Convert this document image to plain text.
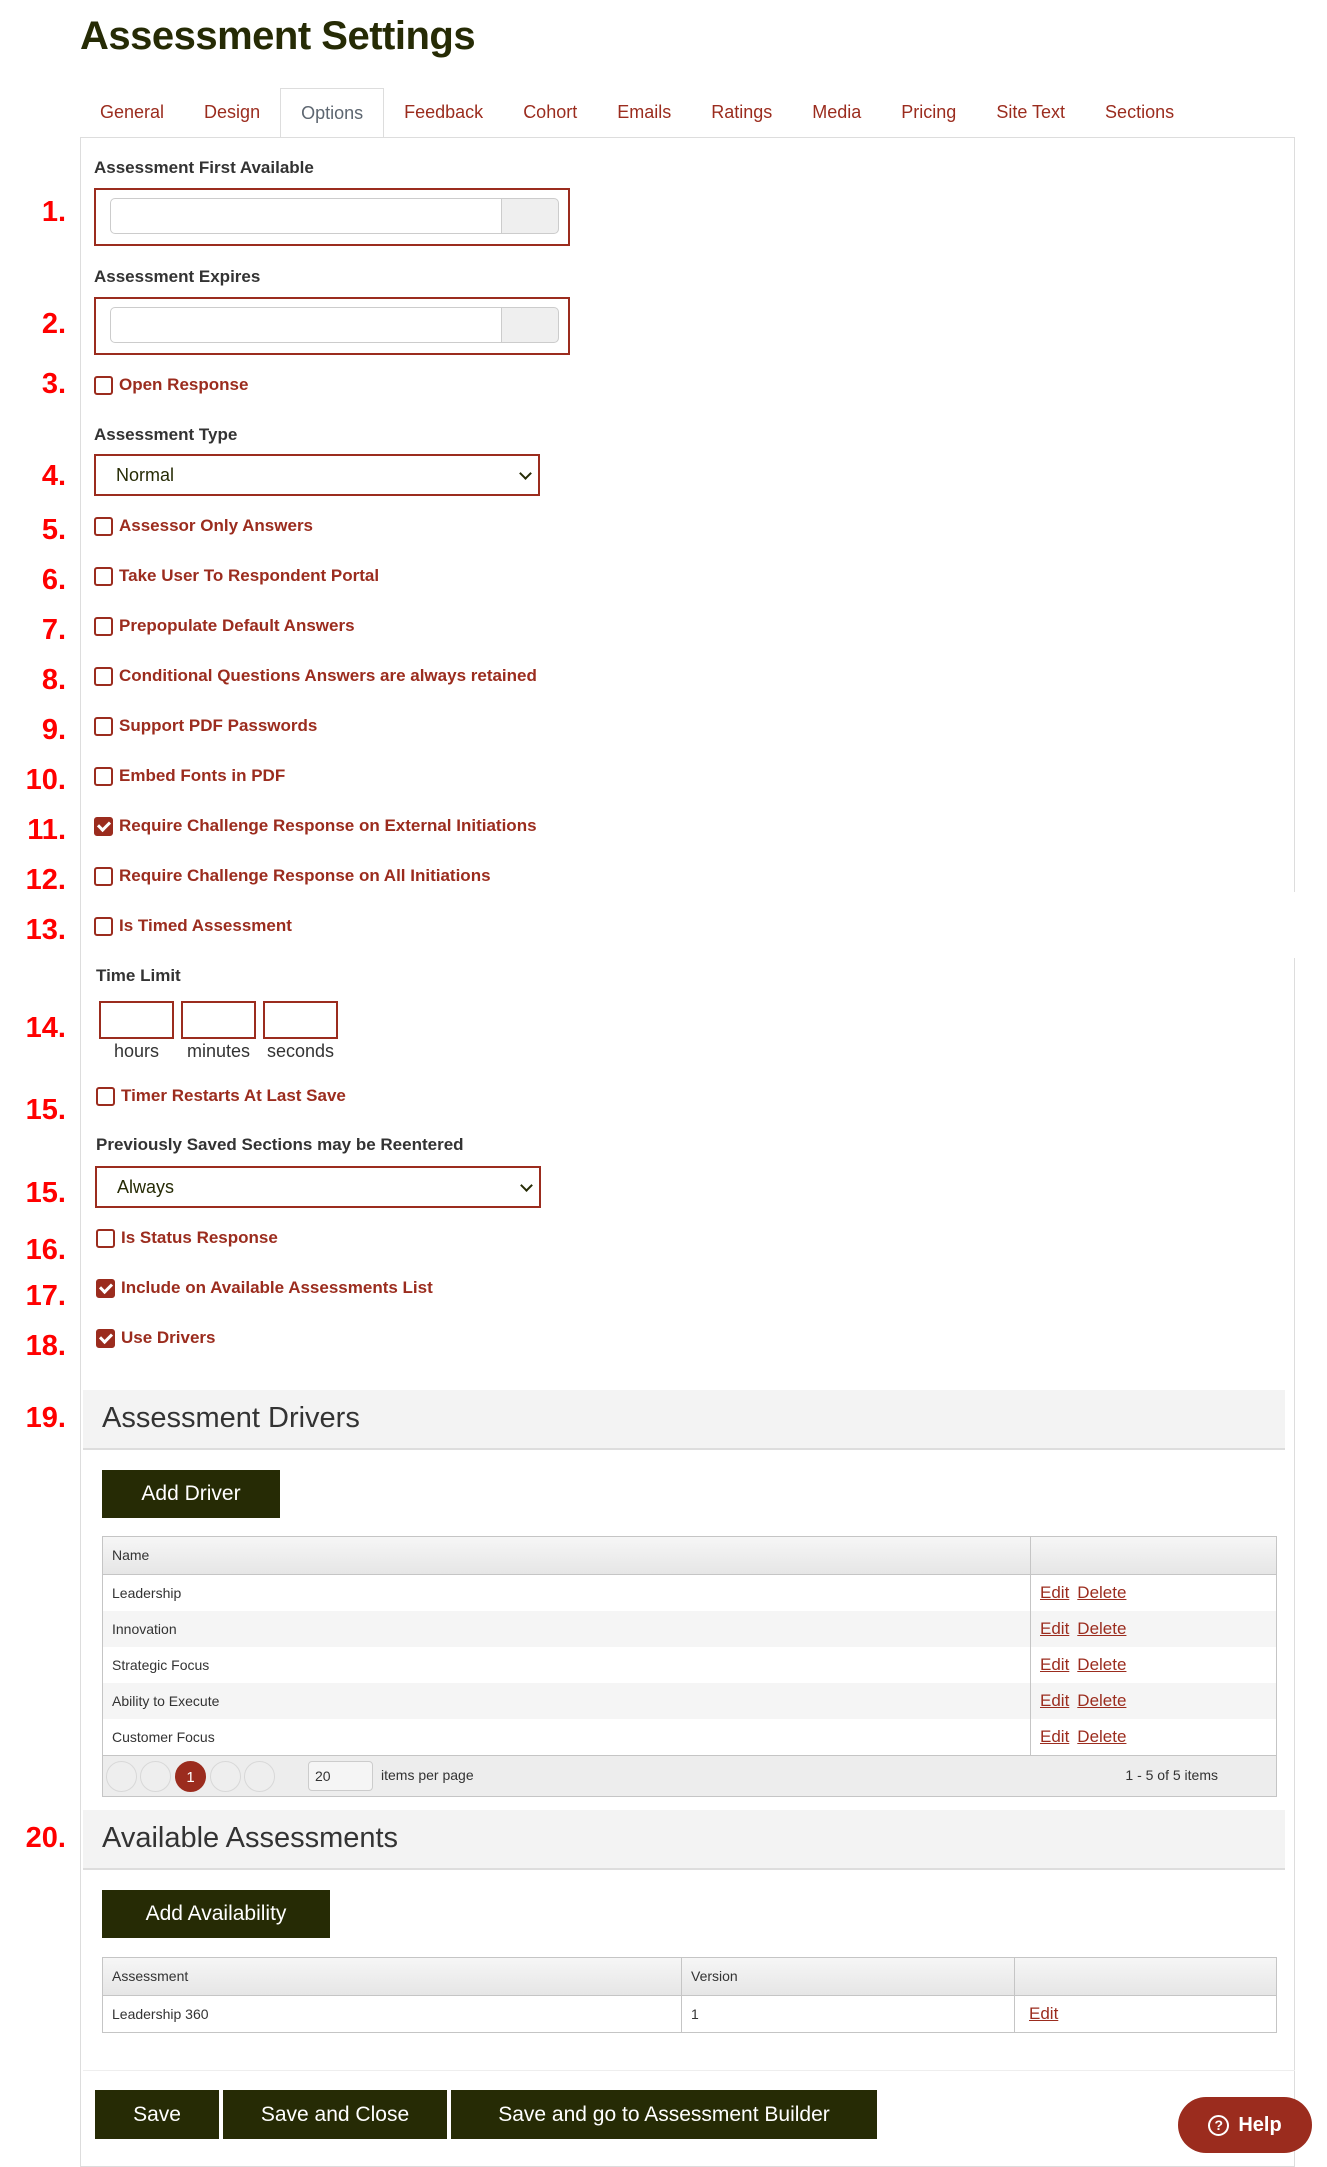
Assessment Settings
General	Design	Options	Feedback	Cohort	Emails	Ratings	Media	Pricing	Site Text	Sections
1.
2.
3.
4.
5.
6.
7.
8.
9.
10.
11.
12.
13.
14.
15.
15.
16.
17.
18.
19.
20.
Assessment First Available
Assessment Expires
Open Response
Assessment Type
Normal
Assessor Only Answers
Take User To Respondent Portal
Prepopulate Default Answers
Conditional Questions Answers are always retained
Support PDF Passwords
Embed Fonts in PDF
Require Challenge Response on External Initiations
Require Challenge Response on All Initiations
Is Timed Assessment
Time Limit
hours	minutes seconds
Timer Restarts At Last Save
Previously Saved Sections may be Reentered
Always
Is Status Response
Include on Available Assessments List
Use Drivers
Assessment Drivers
Add Driver
Name
Leadership	Edit Delete
Innovation	Edit Delete
Strategic Focus	Edit Delete
Ability to Execute	Edit Delete
Customer Focus	Edit Delete
1	20	items per page	1 - 5 of 5 items
Available Assessments
Add Availability
Assessment	Version
Leadership 360	1	Edit
Save	Save and Close	Save and go to Assessment Builder	? Help
